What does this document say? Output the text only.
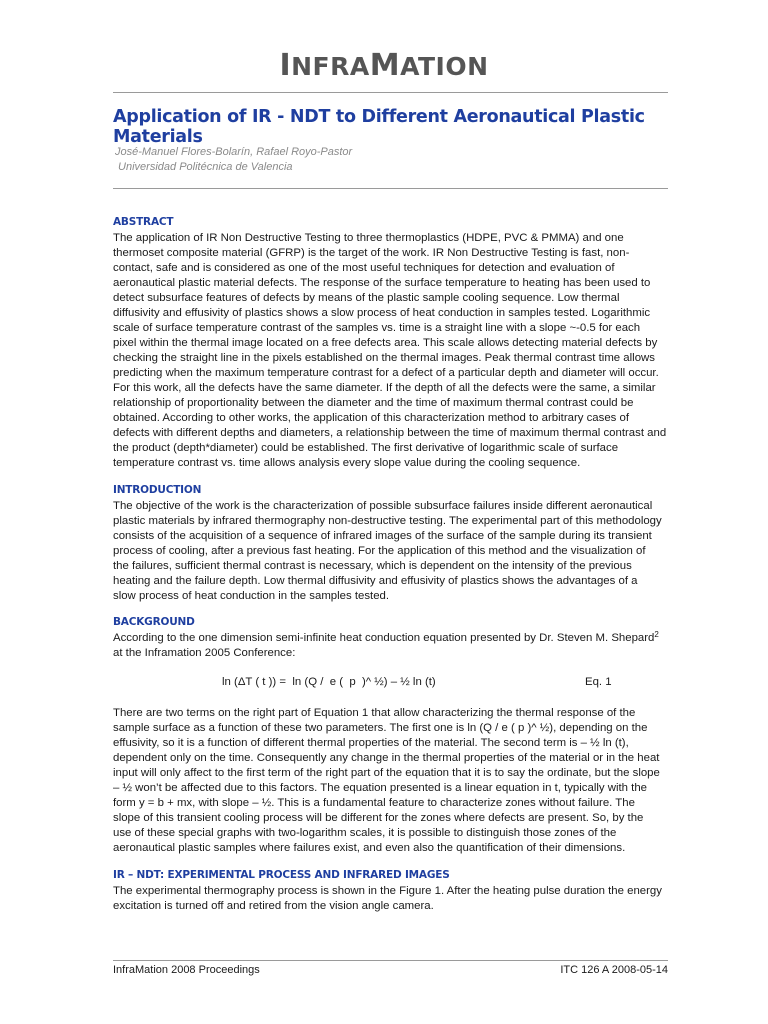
INFRAMATION
Application of IR - NDT to Different Aeronautical Plastic Materials
José-Manuel Flores-Bolarín, Rafael Royo-Pastor
Universidad Politécnica de Valencia
ABSTRACT
The application of IR Non Destructive Testing to three thermoplastics (HDPE, PVC & PMMA) and one
thermoset composite material (GFRP) is the target of the work. IR Non Destructive Testing is fast, non-
contact, safe and is considered as one of the most useful techniques for detection and evaluation of
aeronautical plastic material defects. The response of the surface temperature to heating has been used to
detect subsurface features of defects by means of the plastic sample cooling sequence. Low thermal
diffusivity and effusivity of plastics shows a slow process of heat conduction in samples tested. Logarithmic
scale of surface temperature contrast of the samples vs. time is a straight line with a slope ~-0.5 for each
pixel within the thermal image located on a free defects area. This scale allows detecting material defects by
checking the straight line in the pixels established on the thermal images. Peak thermal contrast time allows
predicting when the maximum temperature contrast for a defect of a particular depth and diameter will occur.
For this work, all the defects have the same diameter. If the depth of all the defects were the same, a similar
relationship of proportionality between the diameter and the time of maximum thermal contrast could be
obtained. According to other works, the application of this characterization method to arbitrary cases of
defects with different depths and diameters, a relationship between the time of maximum thermal contrast and
the product (depth*diameter) could be established. The first derivative of logarithmic scale of surface
temperature contrast vs. time allows analysis every slope value during the cooling sequence.
INTRODUCTION
The objective of the work is the characterization of possible subsurface failures inside different aeronautical
plastic materials by infrared thermography non-destructive testing. The experimental part of this methodology
consists of the acquisition of a sequence of infrared images of the surface of the sample during its transient
process of cooling, after a previous fast heating. For the application of this method and the visualization of
the failures, sufficient thermal contrast is necessary, which is dependent on the intensity of the previous
heating and the failure depth. Low thermal diffusivity and effusivity of plastics shows the advantages of a
slow process of heat conduction in the samples tested.
BACKGROUND
According to the one dimension semi-infinite heat conduction equation presented by Dr. Steven M. Shepard$^2$
at the Inframation 2005 Conference:
ln (ΔT ( t )) =  ln (Q /  e (  p  )^ ½) – ½ ln (t)	Eq. 1
There are two terms on the right part of Equation 1 that allow characterizing the thermal response of the
sample surface as a function of these two parameters. The first one is ln (Q / e ( p )^ ½), depending on the
effusivity, so it is a function of different thermal properties of the material. The second term is – ½ ln (t),
dependent only on the time. Consequently any change in the thermal properties of the material or in the heat
input will only affect to the first term of the right part of the equation that it is to say the ordinate, but the slope
– ½ won’t be affected due to this factors. The equation presented is a linear equation in t, typically with the
form y = b + mx, with slope – ½. This is a fundamental feature to characterize zones without failure. The
slope of this transient cooling process will be different for the zones where defects are present. So, by the
use of these special graphs with two-logarithm scales, it is possible to distinguish those zones of the
aeronautical plastic samples where failures exist, and even also the quantification of their dimensions.
IR – NDT: EXPERIMENTAL PROCESS AND INFRARED IMAGES
The experimental thermography process is shown in the Figure 1. After the heating pulse duration the energy
excitation is turned off and retired from the vision angle camera.
InfraMation 2008 Proceedings	ITC 126 A 2008-05-14
